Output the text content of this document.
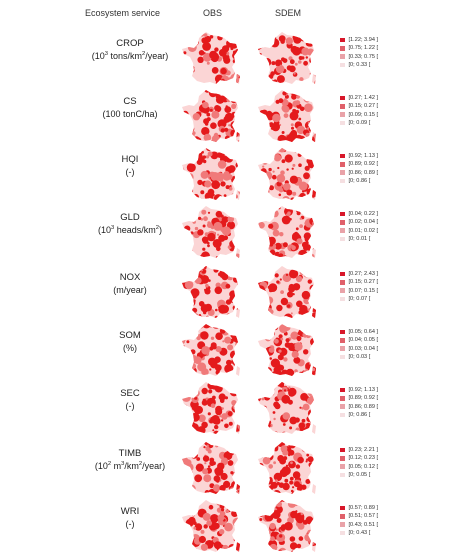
Ecosystem service	OBS	SDEM
CROP
($10^3$ tons/$km^2/year$)
[1.22; 3.94 ]
[0.75; 1.22 [
[0.33; 0.75 [
[0; 0.33 [
CS
(100 tonC/ha)
[0.27; 1.42 ]
[0.15; 0.27 [
[0.09; 0.15 [
[0; 0.09 [
HQI
(-)
[0.92; 1.13 ]
[0.89; 0.92 [
[0.86; 0.89 [
[0; 0.86 [
GLD
($10^3$ heads/$km^2$)
[0.04; 0.22 ]
[0.02; 0.04 [
[0.01; 0.02 [
[0; 0.01 [
NOX
(m/year)
[0.27; 2.43 ]
[0.15; 0.27 [
[0.07; 0.15 [
[0; 0.07 [
SOM
(%)
[0.05; 0.64 ]
[0.04; 0.05 [
[0.03; 0.04 [
[0; 0.03 [
SEC
(-)
[0.92; 1.13 ]
[0.89; 0.92 [
[0.86; 0.89 [
[0; 0.86 [
TIMB
($10^2$ $m^3/km^2/year$)
[0.23; 2.21 ]
[0.12; 0.23 [
[0.05; 0.12 [
[0; 0.05 [
WRI
(-)
[0.57; 0.89 ]
[0.51; 0.57 [
[0.43; 0.51 [
[0; 0.43 [
